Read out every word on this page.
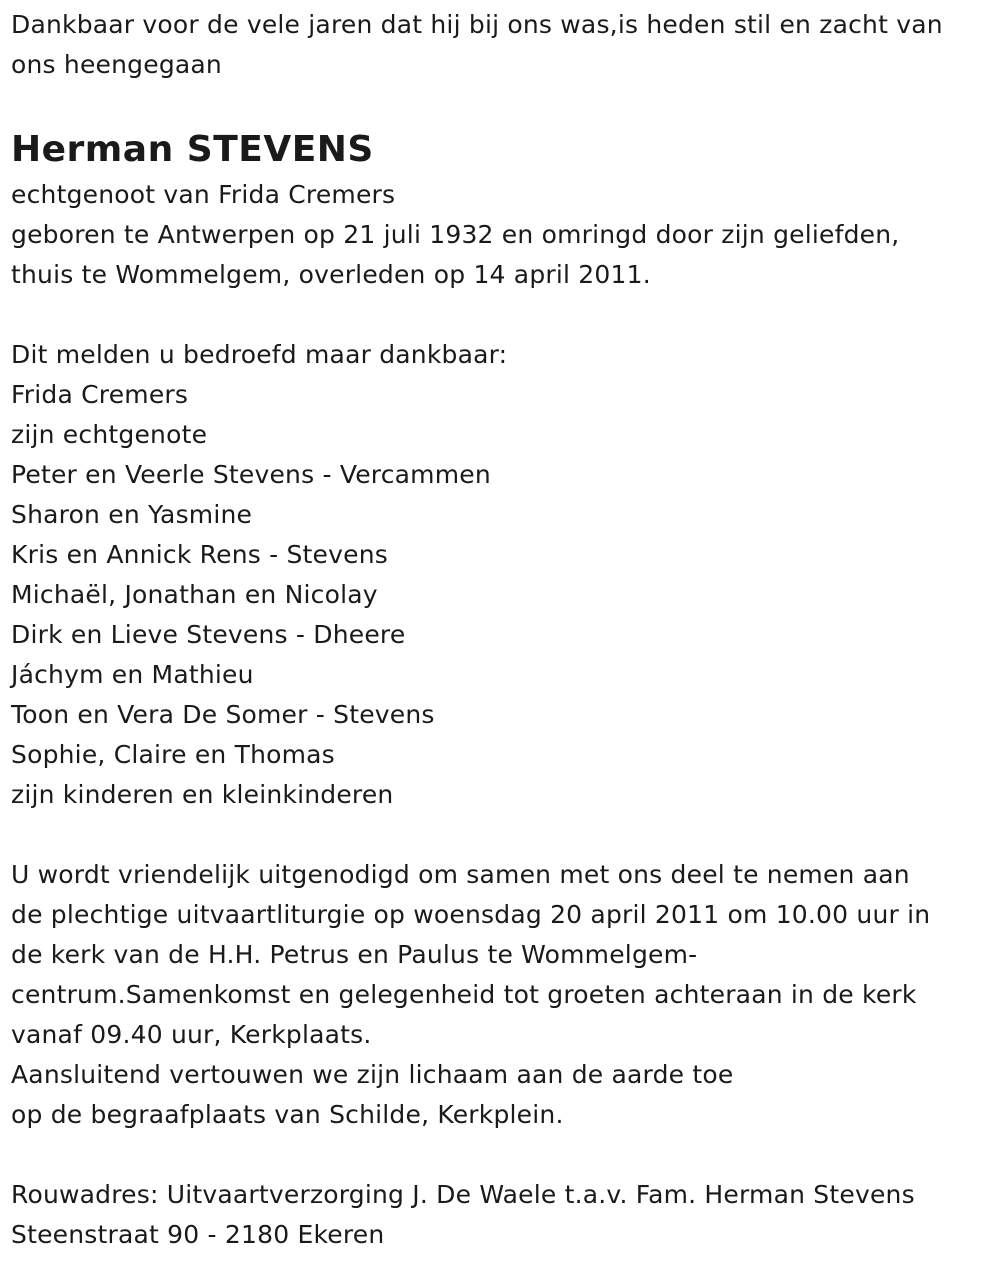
Dankbaar voor de vele jaren dat hij bij ons was,is heden stil en zacht van
ons heengegaan
Herman STEVENS
echtgenoot van Frida Cremers
geboren te Antwerpen op 21 juli 1932 en omringd door zijn geliefden,
thuis te Wommelgem, overleden op 14 april 2011.
Dit melden u bedroefd maar dankbaar:
Frida Cremers
zijn echtgenote
Peter en Veerle Stevens - Vercammen
Sharon en Yasmine
Kris en Annick Rens - Stevens
Michaël, Jonathan en Nicolay
Dirk en Lieve Stevens - Dheere
Jáchym en Mathieu
Toon en Vera De Somer - Stevens
Sophie, Claire en Thomas
zijn kinderen en kleinkinderen
U wordt vriendelijk uitgenodigd om samen met ons deel te nemen aan
de plechtige uitvaartliturgie op woensdag 20 april 2011 om 10.00 uur in
de kerk van de H.H. Petrus en Paulus te Wommelgem-
centrum.Samenkomst en gelegenheid tot groeten achteraan in de kerk
vanaf 09.40 uur, Kerkplaats.
Aansluitend vertouwen we zijn lichaam aan de aarde toe
op de begraafplaats van Schilde, Kerkplein.
Rouwadres: Uitvaartverzorging J. De Waele t.a.v. Fam. Herman Stevens
Steenstraat 90 - 2180 Ekeren
